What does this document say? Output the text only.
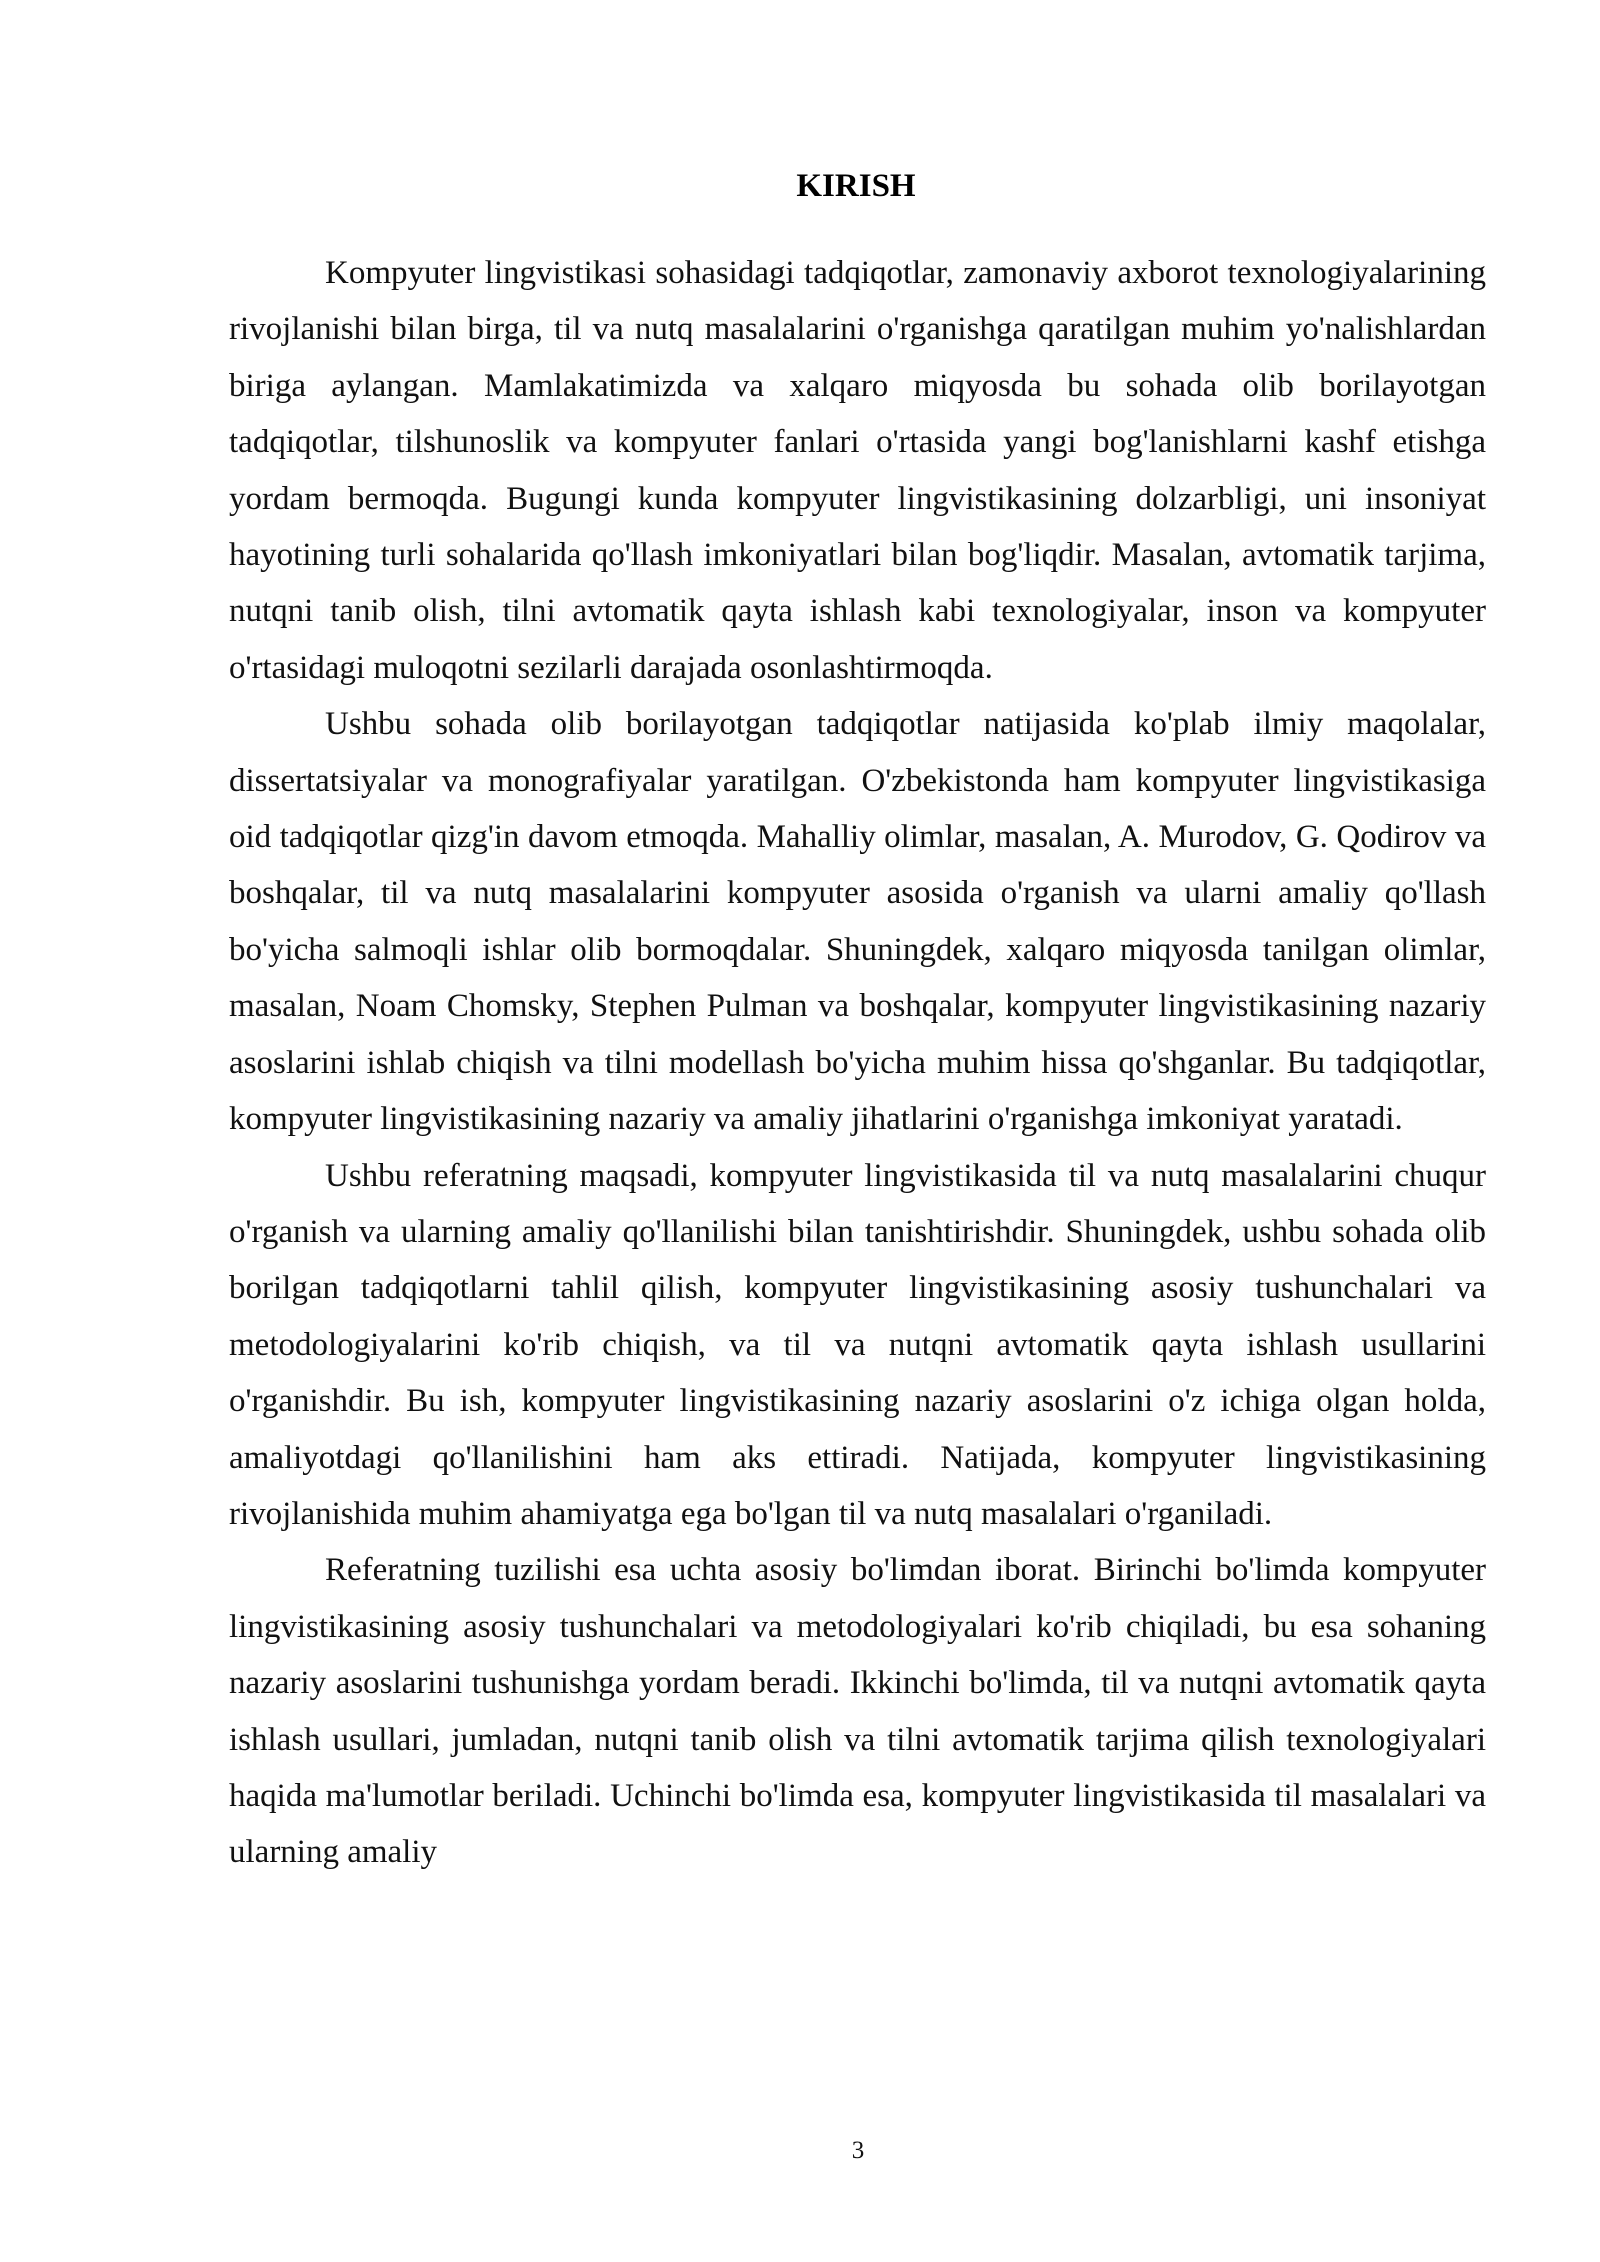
KIRISH

Kompyuter lingvistikasi sohasidagi tadqiqotlar, zamonaviy axborot texnologiyalarining rivojlanishi bilan birga, til va nutq masalalarini o'rganishga qaratilgan muhim yo'nalishlardan biriga aylangan. Mamlakatimizda va xalqaro miqyosda bu sohada olib borilayotgan tadqiqotlar, tilshunoslik va kompyuter fanlari o'rtasida yangi bog'lanishlarni kashf etishga yordam bermoqda. Bugungi kunda kompyuter lingvistikasining dolzarbligi, uni insoniyat hayotining turli sohalarida qo'llash imkoniyatlari bilan bog'liqdir. Masalan, avtomatik tarjima, nutqni tanib olish, tilni avtomatik qayta ishlash kabi texnologiyalar, inson va kompyuter o'rtasidagi muloqotni sezilarli darajada osonlashtirmoqda.

Ushbu sohada olib borilayotgan tadqiqotlar natijasida ko'plab ilmiy maqolalar, dissertatsiyalar va monografiyalar yaratilgan. O'zbekistonda ham kompyuter lingvistikasiga oid tadqiqotlar qizg'in davom etmoqda. Mahalliy olimlar, masalan, A. Murodov, G. Qodirov va boshqalar, til va nutq masalalarini kompyuter asosida o'rganish va ularni amaliy qo'llash bo'yicha salmoqli ishlar olib bormoqdalar. Shuningdek, xalqaro miqyosda tanilgan olimlar, masalan, Noam Chomsky, Stephen Pulman va boshqalar, kompyuter lingvistikasining nazariy asoslarini ishlab chiqish va tilni modellash bo'yicha muhim hissa qo'shganlar. Bu tadqiqotlar, kompyuter lingvistikasining nazariy va amaliy jihatlarini o'rganishga imkoniyat yaratadi.

Ushbu referatning maqsadi, kompyuter lingvistikasida til va nutq masalalarini chuqur o'rganish va ularning amaliy qo'llanilishi bilan tanishtirishdir. Shuningdek, ushbu sohada olib borilgan tadqiqotlarni tahlil qilish, kompyuter lingvistikasining asosiy tushunchalari va metodologiyalarini ko'rib chiqish, va til va nutqni avtomatik qayta ishlash usullarini o'rganishdir. Bu ish, kompyuter lingvistikasining nazariy asoslarini o'z ichiga olgan holda, amaliyotdagi qo'llanilishini ham aks ettiradi. Natijada, kompyuter lingvistikasining rivojlanishida muhim ahamiyatga ega bo'lgan til va nutq masalalari o'rganiladi.

Referatning tuzilishi esa uchta asosiy bo'limdan iborat. Birinchi bo'limda kompyuter lingvistikasining asosiy tushunchalari va metodologiyalari ko'rib chiqiladi, bu esa sohaning nazariy asoslarini tushunishga yordam beradi. Ikkinchi bo'limda, til va nutqni avtomatik qayta ishlash usullari, jumladan, nutqni tanib olish va tilni avtomatik tarjima qilish texnologiyalari haqida ma'lumotlar beriladi. Uchinchi bo'limda esa, kompyuter lingvistikasida til masalalari va ularning amaliy

3
